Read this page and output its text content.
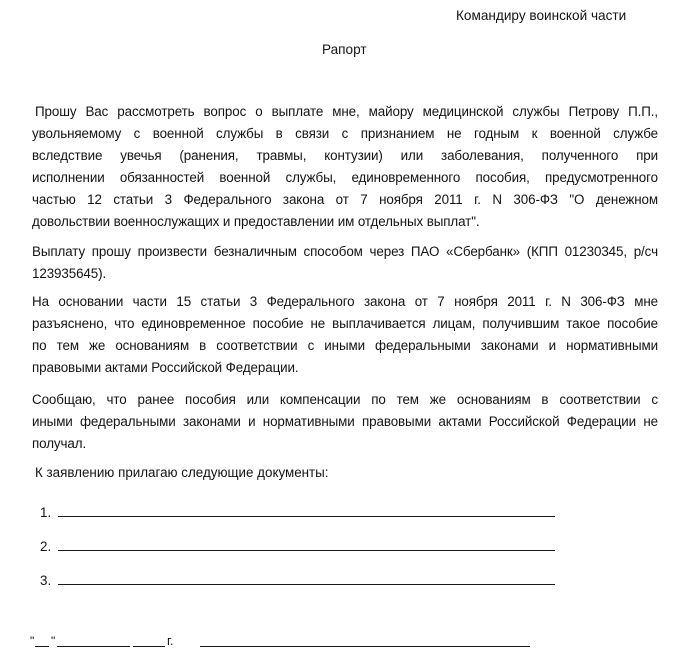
Командиру воинской части
Рапорт
Прошу Вас рассмотреть вопрос о выплате мне, майору медицинской службы Петрову П.П.,
увольняемому с военной службы в связи с признанием не годным к военной службе
вследствие увечья (ранения, травмы, контузии) или заболевания, полученного при
исполнении обязанностей военной службы, единовременного пособия, предусмотренного
частью 12 статьи 3 Федерального закона от 7 ноября 2011 г. N 306-ФЗ "О денежном
довольствии военнослужащих и предоставлении им отдельных выплат".
Выплату прошу произвести безналичным способом через ПАО «Сбербанк» (КПП 01230345, р/сч
123935645).
На основании части 15 статьи 3 Федерального закона от 7 ноября 2011 г. N 306-ФЗ мне
разъяснено, что единовременное пособие не выплачивается лицам, получившим такое пособие
по тем же основаниям в соответствии с иными федеральными законами и нормативными
правовыми актами Российской Федерации.
Сообщаю, что ранее пособия или компенсации по тем же основаниям в соответствии с
иными федеральными законами и нормативными правовыми актами Российской Федерации не
получал.
К заявлению прилагаю следующие документы:
1.
2.
3.
" "	г.
